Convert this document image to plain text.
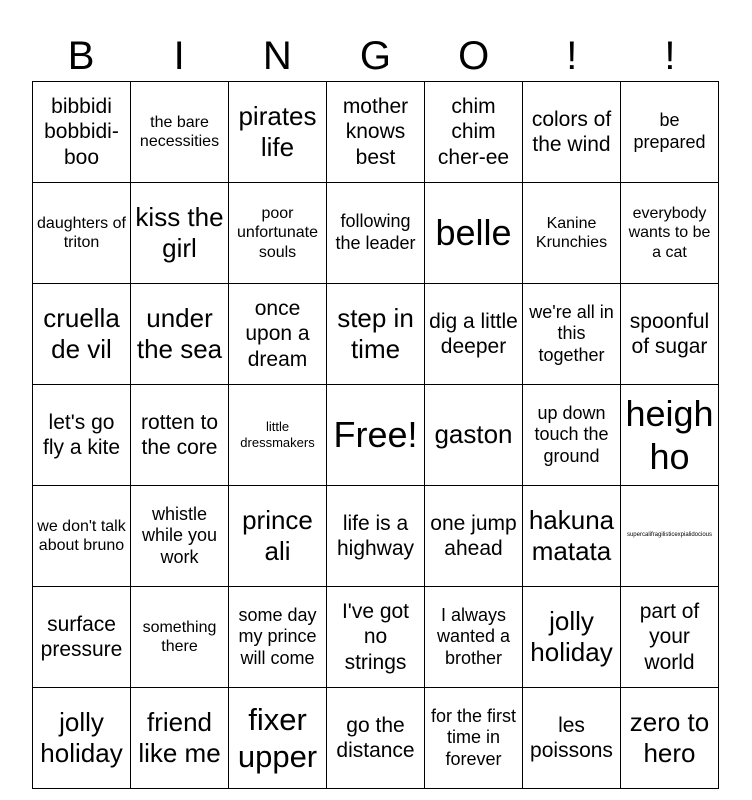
B	I	N	G	O	!	!
bibbidi bobbidi-boo	the bare necessities	pirates life	mother knows best	chim chim cher-ee	colors of the wind	be prepared
daughters of triton	kiss the girl	poor unfortunate souls	following the leader	belle	Kanine Krunchies	everybody wants to be a cat
cruella de vil	under the sea	once upon a dream	step in time	dig a little deeper	we're all in this together	spoonful of sugar
let's go fly a kite	rotten to the core	little dressmakers	Free!	gaston	up down touch the ground	heigh ho
we don't talk about bruno	whistle while you work	prince ali	life is a highway	one jump ahead	hakuna matata	supercalifragilisticexpialidocious
surface pressure	something there	some day my prince will come	I've got no strings	I always wanted a brother	jolly holiday	part of your world
jolly holiday	friend like me	fixer upper	go the distance	for the first time in forever	les poissons	zero to hero
